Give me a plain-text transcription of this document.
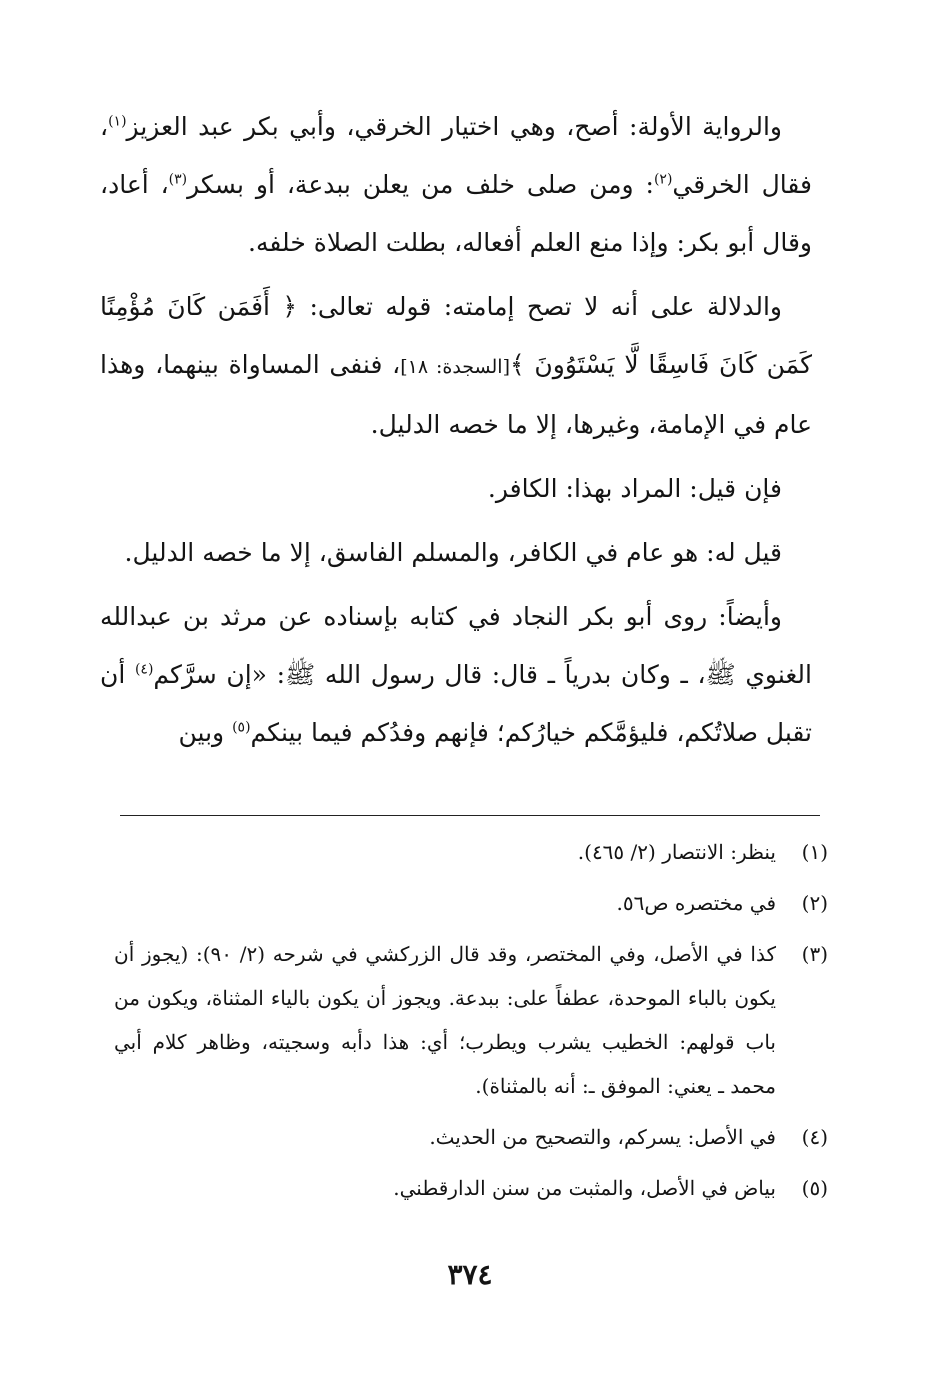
والرواية الأولة: أصح، وهي اختيار الخرقي، وأبي بكر عبد العزيز$^{(١)}$، فقال الخرقي$^{(٢)}$: ومن صلى خلف من يعلن ببدعة، أو بسكر$^{(٣)}$، أعاد، وقال أبو بكر: وإذا منع العلم أفعاله، بطلت الصلاة خلفه.

والدلالة على أنه لا تصح إمامته: قوله تعالى: ﴿ أَفَمَن كَانَ مُؤْمِنًا كَمَن كَانَ فَاسِقًا لَّا يَسْتَوُونَ ﴾[السجدة: ١٨]، فنفى المساواة بينهما، وهذا عام في الإمامة، وغيرها، إلا ما خصه الدليل.

فإن قيل: المراد بهذا: الكافر.

قيل له: هو عام في الكافر، والمسلم الفاسق، إلا ما خصه الدليل.

وأيضاً: روى أبو بكر النجاد في كتابه بإسناده عن مرثد بن عبدالله الغنوي ﷺ، ـ وكان بدرياً ـ قال: قال رسول الله ﷺ: «إن سرَّكم$^{(٤)}$ أن تقبل صلاتُكم، فليؤمَّكم خيارُكم؛ فإنهم وفدُكم فيما بينكم$^{(٥)}$ وبين

(١)
ينظر: الانتصار (٢/ ٤٦٥).
(٢)
في مختصره ص٥٦.
(٣)
كذا في الأصل، وفي المختصر، وقد قال الزركشي في شرحه (٢/ ٩٠): (يجوز أن يكون بالباء الموحدة، عطفاً على: ببدعة. ويجوز أن يكون بالياء المثناة، ويكون من باب قولهم: الخطيب يشرب ويطرب؛ أي: هذا دأبه وسجيته، وظاهر كلام أبي محمد ـ يعني: الموفق ـ: أنه بالمثناة).
(٤)
في الأصل: يسركم، والتصحيح من الحديث.
(٥)
بياض في الأصل، والمثبت من سنن الدارقطني.
٣٧٤
